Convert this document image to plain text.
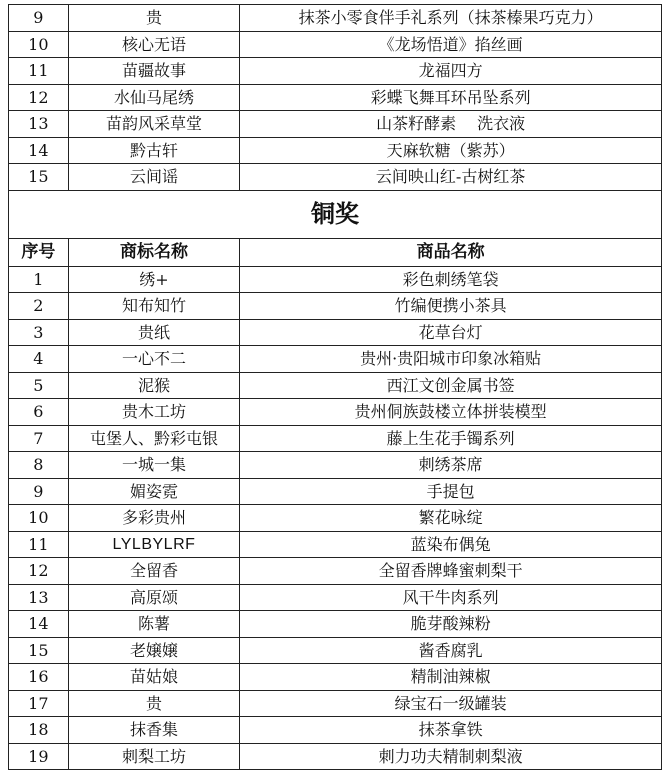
9	贵	抹茶小零食伴手礼系列（抹茶榛果巧克力）
10	核心无语	《龙场悟道》掐丝画
11	苗疆故事	龙福四方
12	水仙马尾绣	彩蝶飞舞耳环吊坠系列
13	苗韵风采草堂	山茶籽酵素　 洗衣液
14	黔古轩	天麻软糖（紫苏）
15	云间谣	云间映山红-古树红茶
铜奖		
序号	商标名称	商品名称
1	绣+	彩色刺绣笔袋
2	知布知竹	竹编便携小茶具
3	贵纸	花草台灯
4	一心不二	贵州·贵阳城市印象冰箱贴
5	泥猴	西江文创金属书签
6	贵木工坊	贵州侗族鼓楼立体拼装模型
7	屯堡人、黔彩屯银	藤上生花手镯系列
8	一城一集	刺绣茶席
9	媚姿霓	手提包
10	多彩贵州	繁花咏绽
11	LYLBYLRF	蓝染布偶兔
12	全留香	全留香牌蜂蜜刺梨干
13	高原颂	风干牛肉系列
14	陈薯	脆芽酸辣粉
15	老嬢嬢	酱香腐乳
16	苗姑娘	精制油辣椒
17	贵	绿宝石一级罐装
18	抹香集	抹茶拿铁
19	刺梨工坊	刺力功夫精制刺梨液
